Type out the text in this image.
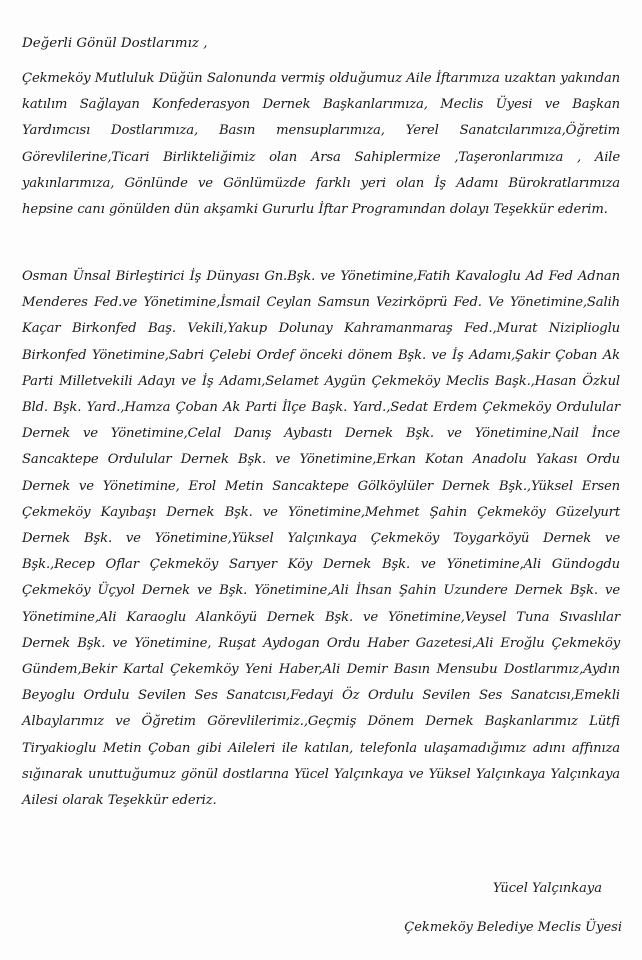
Değerli Gönül Dostlarımız ,

Çekmeköy Mutluluk Düğün Salonunda vermiş olduğumuz Aile İftarımıza uzaktan yakından katılım Sağlayan Konfederasyon Dernek Başkanlarımıza, Meclis Üyesi ve Başkan Yardımcısı Dostlarımıza, Basın mensuplarımıza, Yerel Sanatcılarımıza,Öğretim Görevlilerine,Ticari Birlikteliğimiz olan Arsa Sahiplermize ,Taşeronlarımıza , Aile yakınlarımıza, Gönlünde ve Gönlümüzde farklı yeri olan İş Adamı Bürokratlarımıza hepsine canı gönülden dün akşamki Gururlu İftar Programından dolayı Teşekkür ederim.

Osman Ünsal Birleştirici İş Dünyası Gn.Bşk. ve Yönetimine,Fatih Kavaloglu Ad Fed Adnan Menderes Fed.ve Yönetimine,İsmail Ceylan Samsun Vezirköprü Fed. Ve Yönetimine,Salih Kaçar Birkonfed Baş. Vekili,Yakup Dolunay Kahramanmaraş Fed.,Murat Niziplioglu Birkonfed Yönetimine,Sabri Çelebi Ordef önceki dönem Bşk. ve İş Adamı,Şakir Çoban Ak Parti Milletvekili Adayı ve İş Adamı,Selamet Aygün Çekmeköy Meclis Başk.,Hasan Özkul Bld. Bşk. Yard.,Hamza Çoban Ak Parti İlçe Başk. Yard.,Sedat Erdem Çekmeköy Ordulular Dernek ve Yönetimine,Celal Danış Aybastı Dernek Bşk. ve Yönetimine,Nail İnce Sancaktepe Ordulular Dernek Bşk. ve Yönetimine,Erkan Kotan Anadolu Yakası Ordu Dernek ve Yönetimine, Erol Metin Sancaktepe Gölköylüler Dernek Bşk.,Yüksel Ersen Çekmeköy Kayıbaşı Dernek Bşk. ve Yönetimine,Mehmet Şahin Çekmeköy Güzelyurt Dernek Bşk. ve Yönetimine,Yüksel Yalçınkaya Çekmeköy Toygarköyü Dernek ve Bşk.,Recep Oflar Çekmeköy Sarıyer Köy Dernek Bşk. ve Yönetimine,Ali Gündogdu Çekmeköy Üçyol Dernek ve Bşk. Yönetimine,Ali İhsan Şahin Uzundere Dernek Bşk. ve Yönetimine,Ali Karaoglu Alanköyü Dernek Bşk. ve Yönetimine,Veysel Tuna Sıvaslılar Dernek Bşk. ve Yönetimine, Ruşat Aydogan Ordu Haber Gazetesi,Ali Eroğlu Çekmeköy Gündem,Bekir Kartal Çekemköy Yeni Haber,Ali Demir Basın Mensubu Dostlarımız,Aydın Beyoglu Ordulu Sevilen Ses Sanatcısı,Fedayi Öz Ordulu Sevilen Ses Sanatcısı,Emekli Albaylarımız ve Öğretim Görevlilerimiz.,Geçmiş Dönem Dernek Başkanlarımız Lütfi Tiryakioglu Metin Çoban gibi Aileleri ile katılan, telefonla ulaşamadığımız adını affınıza sığınarak unuttuğumuz gönül dostlarına Yücel Yalçınkaya ve Yüksel Yalçınkaya Yalçınkaya Ailesi olarak Teşekkür ederiz.

Yücel Yalçınkaya

Çekmeköy Belediye Meclis Üyesi
